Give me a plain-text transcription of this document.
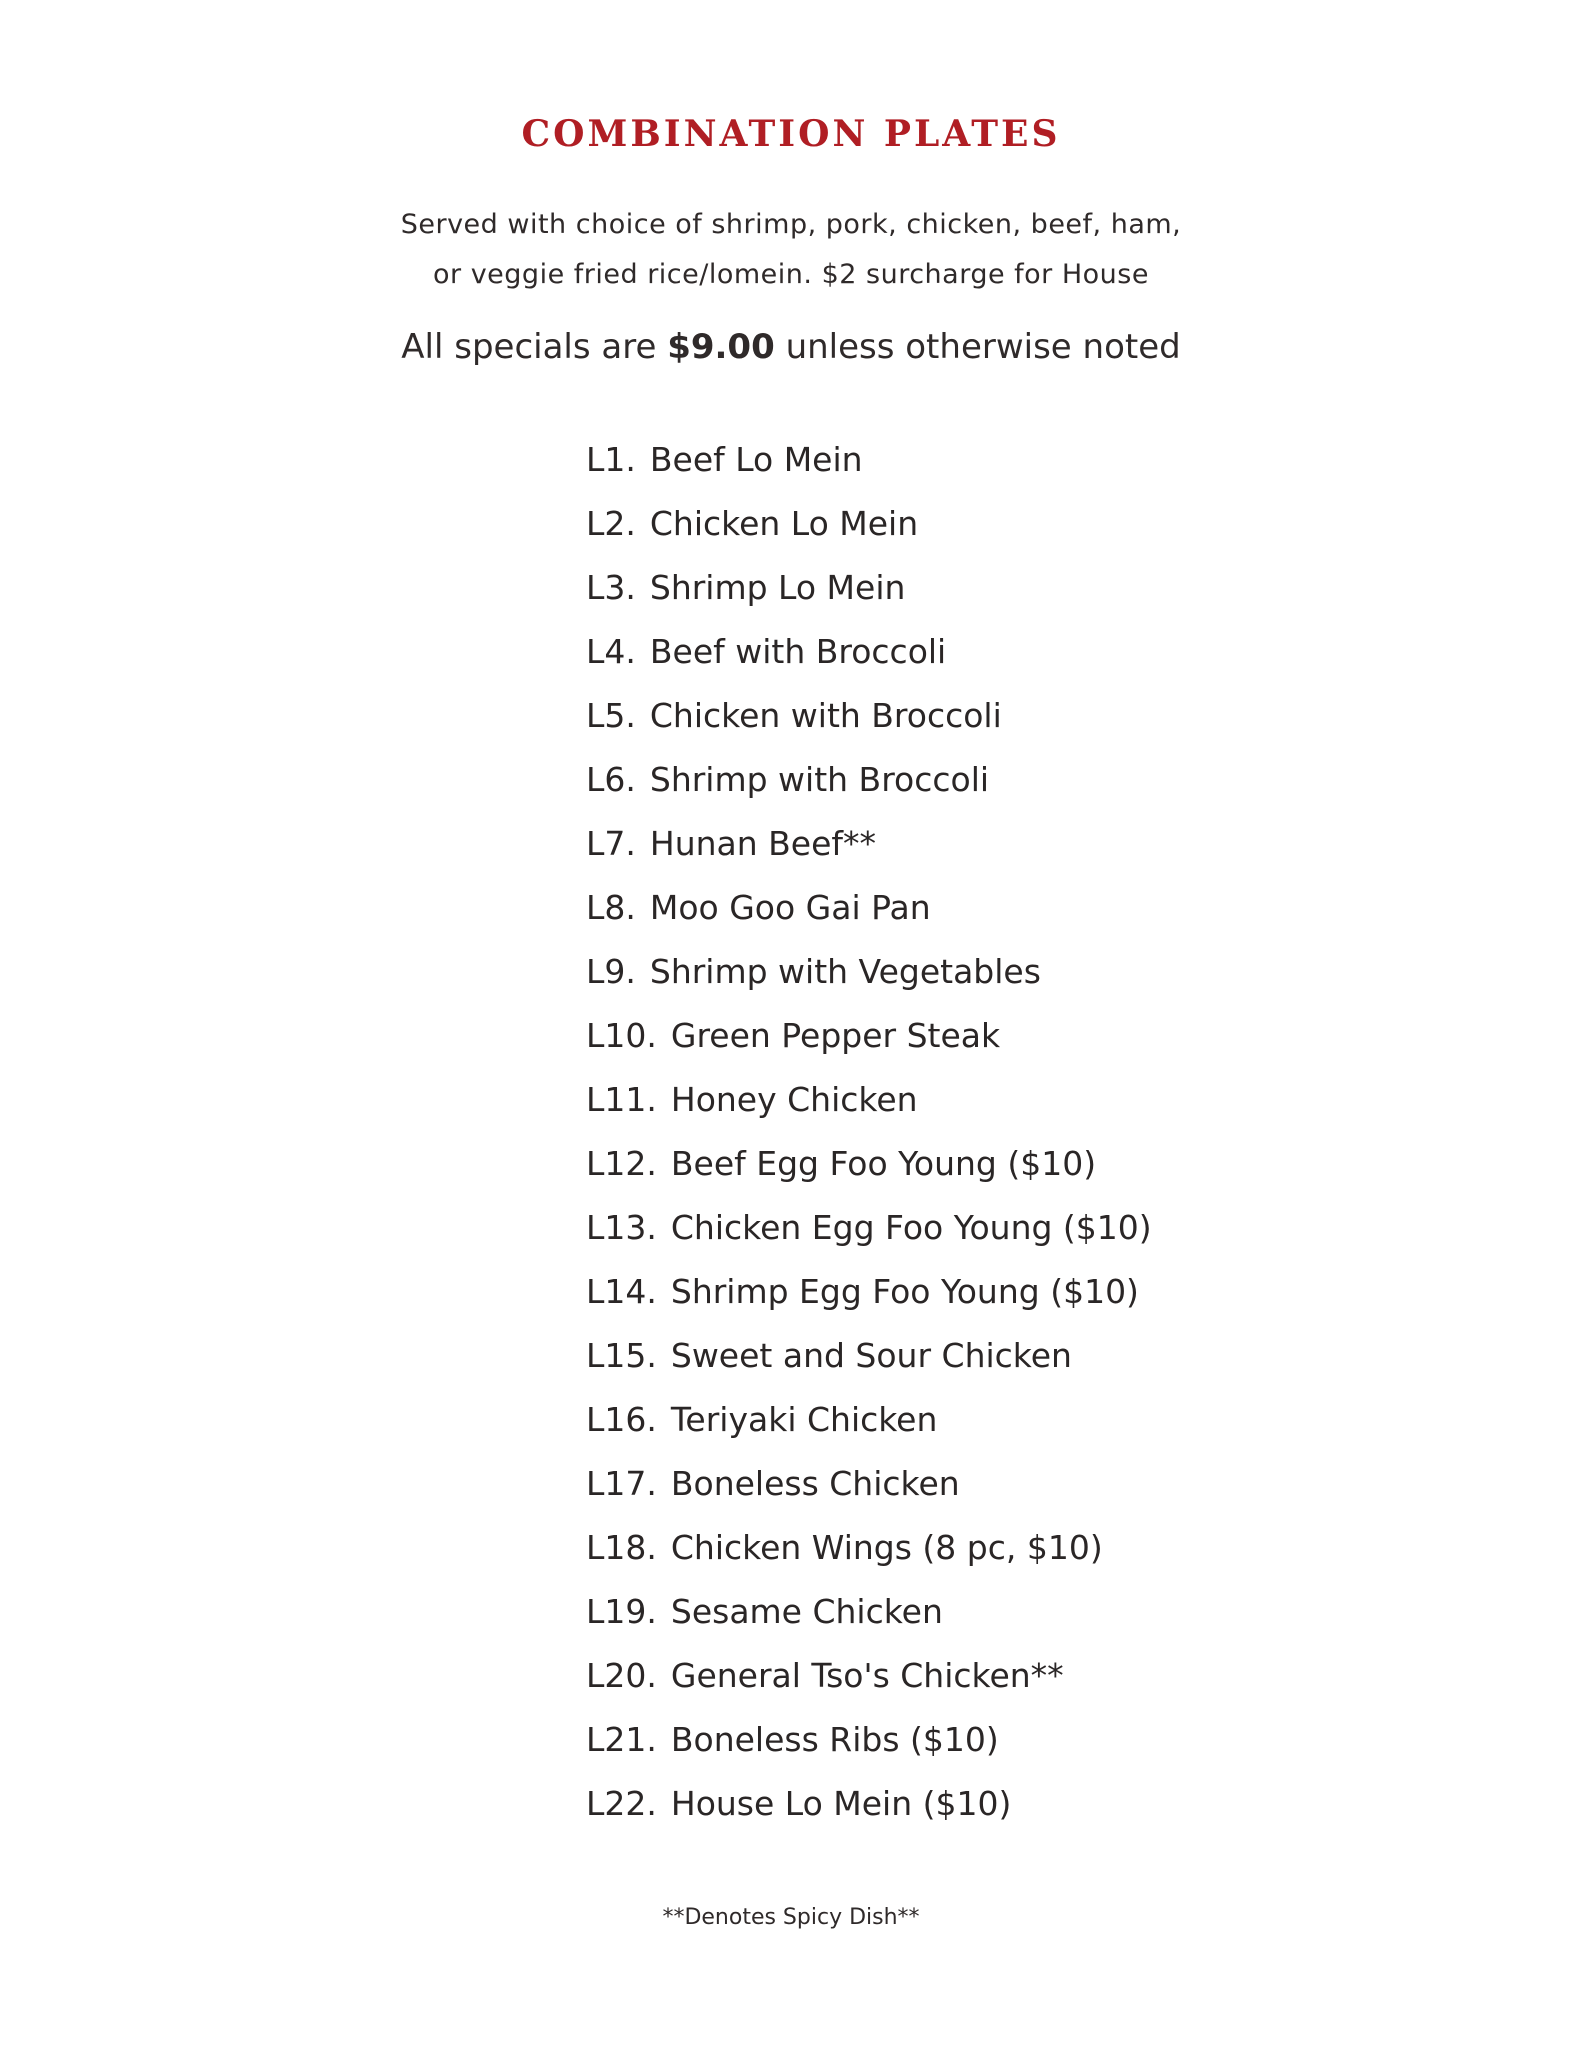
COMBINATION PLATES
Served with choice of shrimp, pork, chicken, beef, ham,
or veggie fried rice/lomein. $2 surcharge for House
All specials are $9.00 unless otherwise noted
L1. Beef Lo Mein
L2. Chicken Lo Mein
L3. Shrimp Lo Mein
L4. Beef with Broccoli
L5. Chicken with Broccoli
L6. Shrimp with Broccoli
L7. Hunan Beef**
L8. Moo Goo Gai Pan
L9. Shrimp with Vegetables
L10. Green Pepper Steak
L11. Honey Chicken
L12. Beef Egg Foo Young ($10)
L13. Chicken Egg Foo Young ($10)
L14. Shrimp Egg Foo Young ($10)
L15. Sweet and Sour Chicken
L16. Teriyaki Chicken
L17. Boneless Chicken
L18. Chicken Wings (8 pc, $10)
L19. Sesame Chicken
L20. General Tso's Chicken**
L21. Boneless Ribs ($10)
L22. House Lo Mein ($10)
**Denotes Spicy Dish**
